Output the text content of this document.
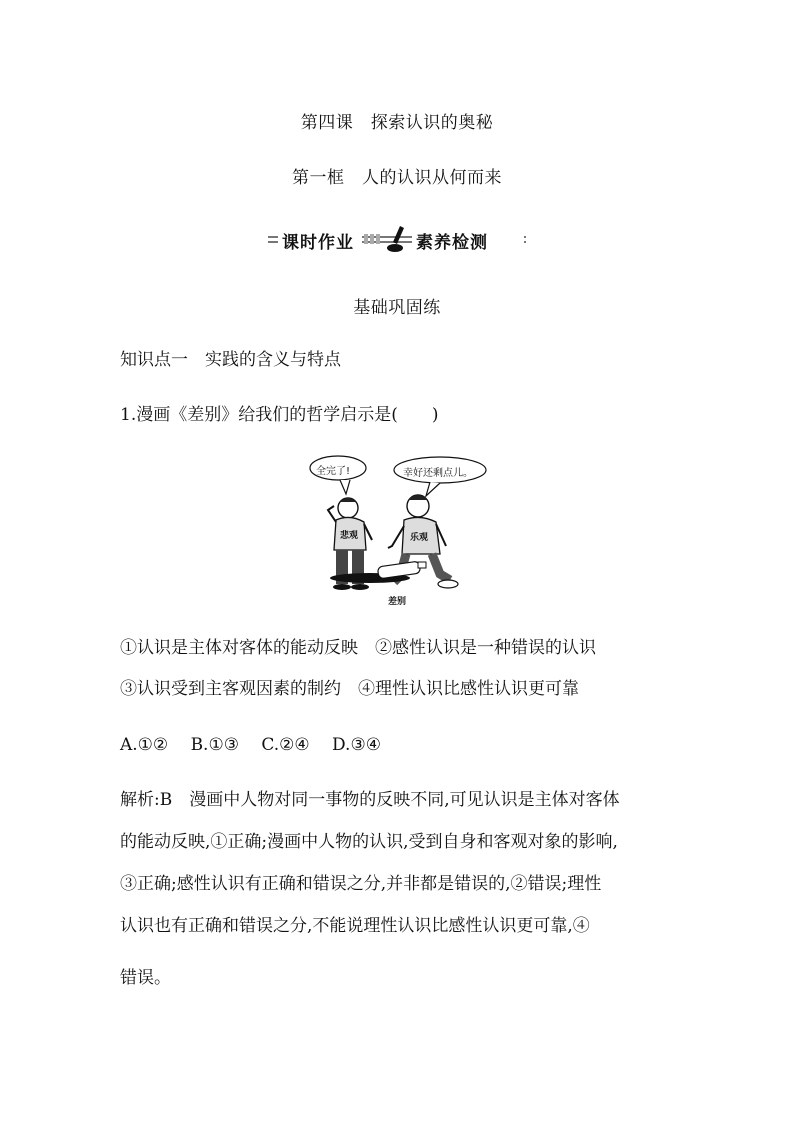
第四课　探索认识的奥秘
第一框　人的认识从何而来
课时作业	素养检测
基础巩固练
知识点一　实践的含义与特点
1.漫画《差别》给我们的哲学启示是(　　)
全完了!	幸好还剩点儿。
悲观	乐观
差别
①认识是主体对客体的能动反映　②感性认识是一种错误的认识
③认识受到主客观因素的制约　④理性认识比感性认识更可靠
A.①②　 B.①③　 C.②④　 D.③④
解析:B　漫画中人物对同一事物的反映不同,可见认识是主体对客体
的能动反映,①正确;漫画中人物的认识,受到自身和客观对象的影响,
③正确;感性认识有正确和错误之分,并非都是错误的,②错误;理性
认识也有正确和错误之分,不能说理性认识比感性认识更可靠,④
错误。
